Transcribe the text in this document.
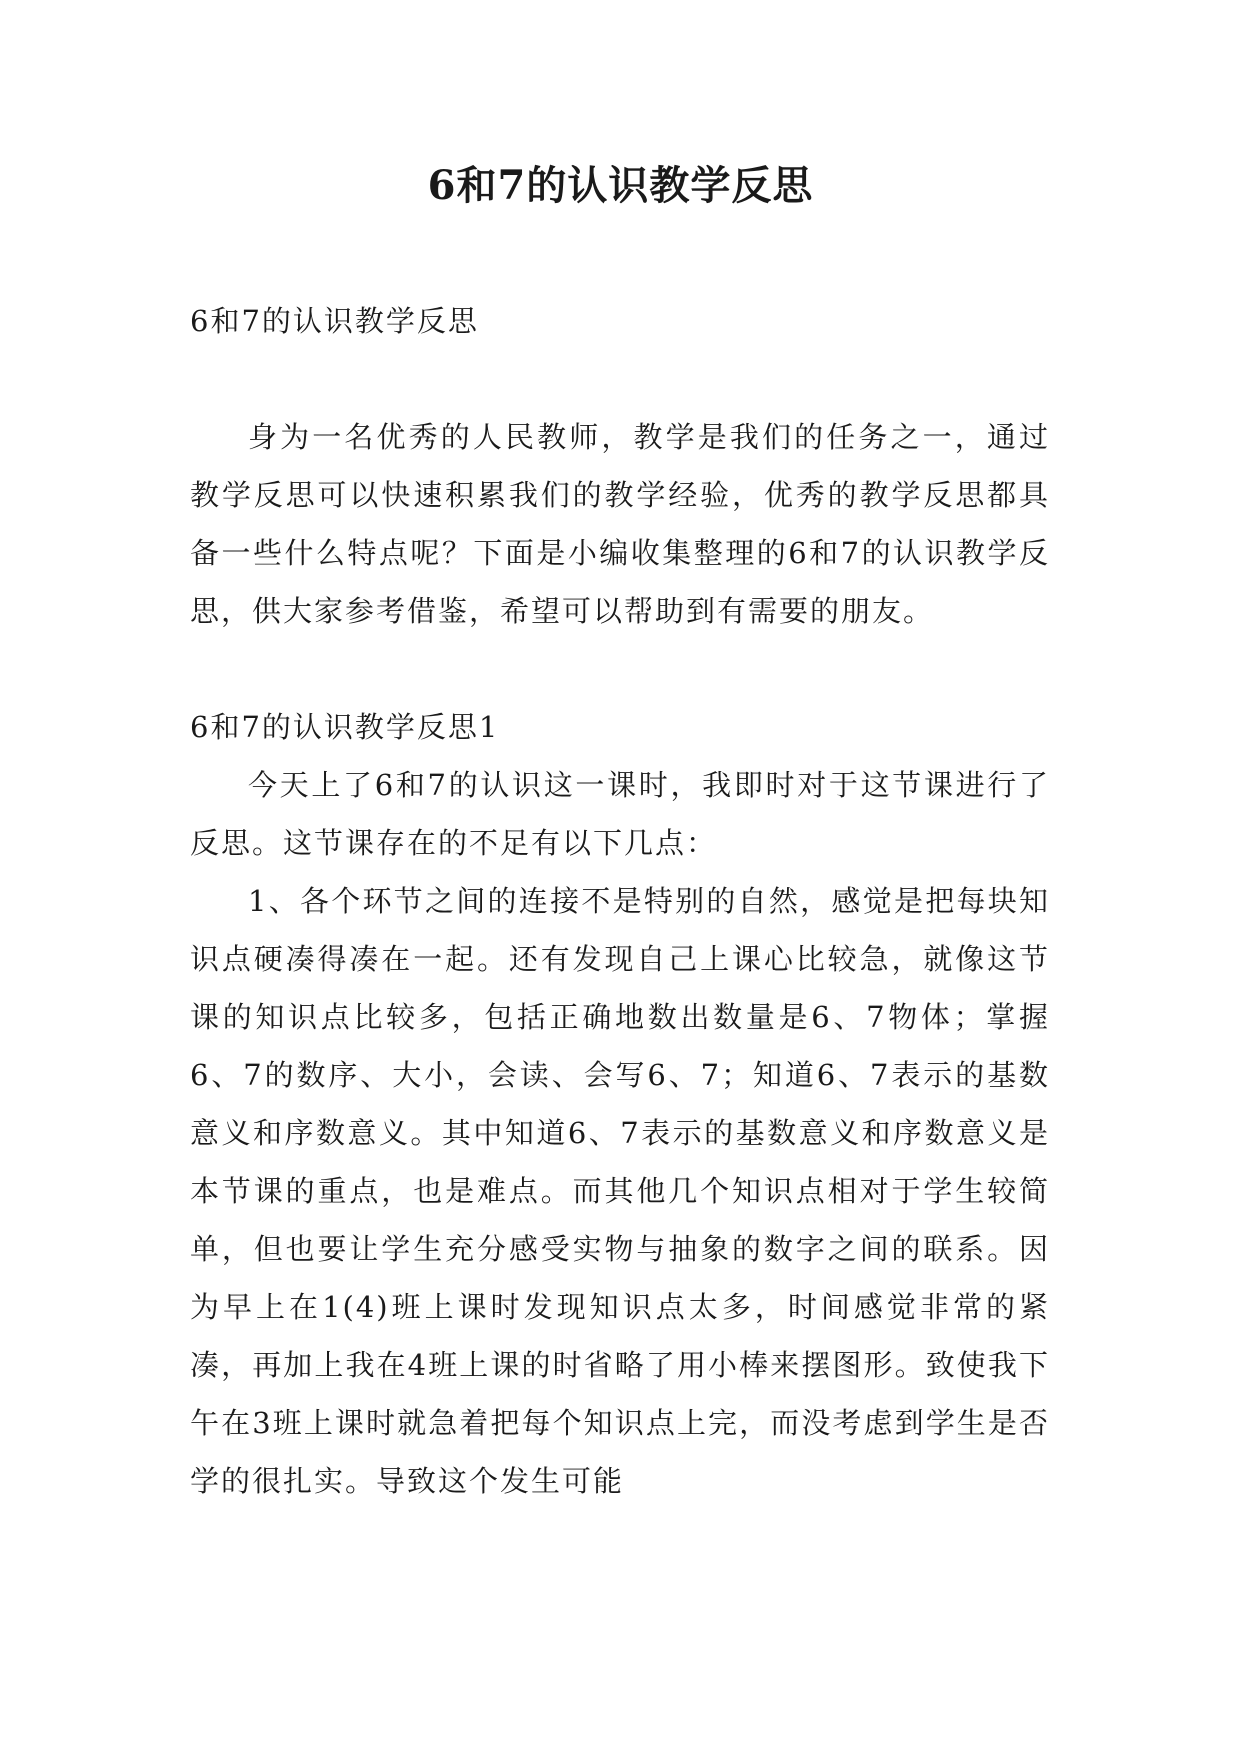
6和7的认识教学反思

6和7的认识教学反思

身为一名优秀的人民教师，教学是我们的任务之一，通过教学反思可以快速积累我们的教学经验，优秀的教学反思都具备一些什么特点呢？下面是小编收集整理的6和7的认识教学反思，供大家参考借鉴，希望可以帮助到有需要的朋友。

6和7的认识教学反思1

今天上了6和7的认识这一课时，我即时对于这节课进行了反思。这节课存在的不足有以下几点：

1、各个环节之间的连接不是特别的自然，感觉是把每块知识点硬凑得凑在一起。还有发现自己上课心比较急，就像这节课的知识点比较多，包括正确地数出数量是6、7物体；掌握6、7的数序、大小，会读、会写6、7；知道6、7表示的基数意义和序数意义。其中知道6、7表示的基数意义和序数意义是本节课的重点，也是难点。而其他几个知识点相对于学生较简单，但也要让学生充分感受实物与抽象的数字之间的联系。因为早上在1(4)班上课时发现知识点太多，时间感觉非常的紧凑，再加上我在4班上课的时省略了用小棒来摆图形。致使我下午在3班上课时就急着把每个知识点上完，而没考虑到学生是否学的很扎实。导致这个发生可能
